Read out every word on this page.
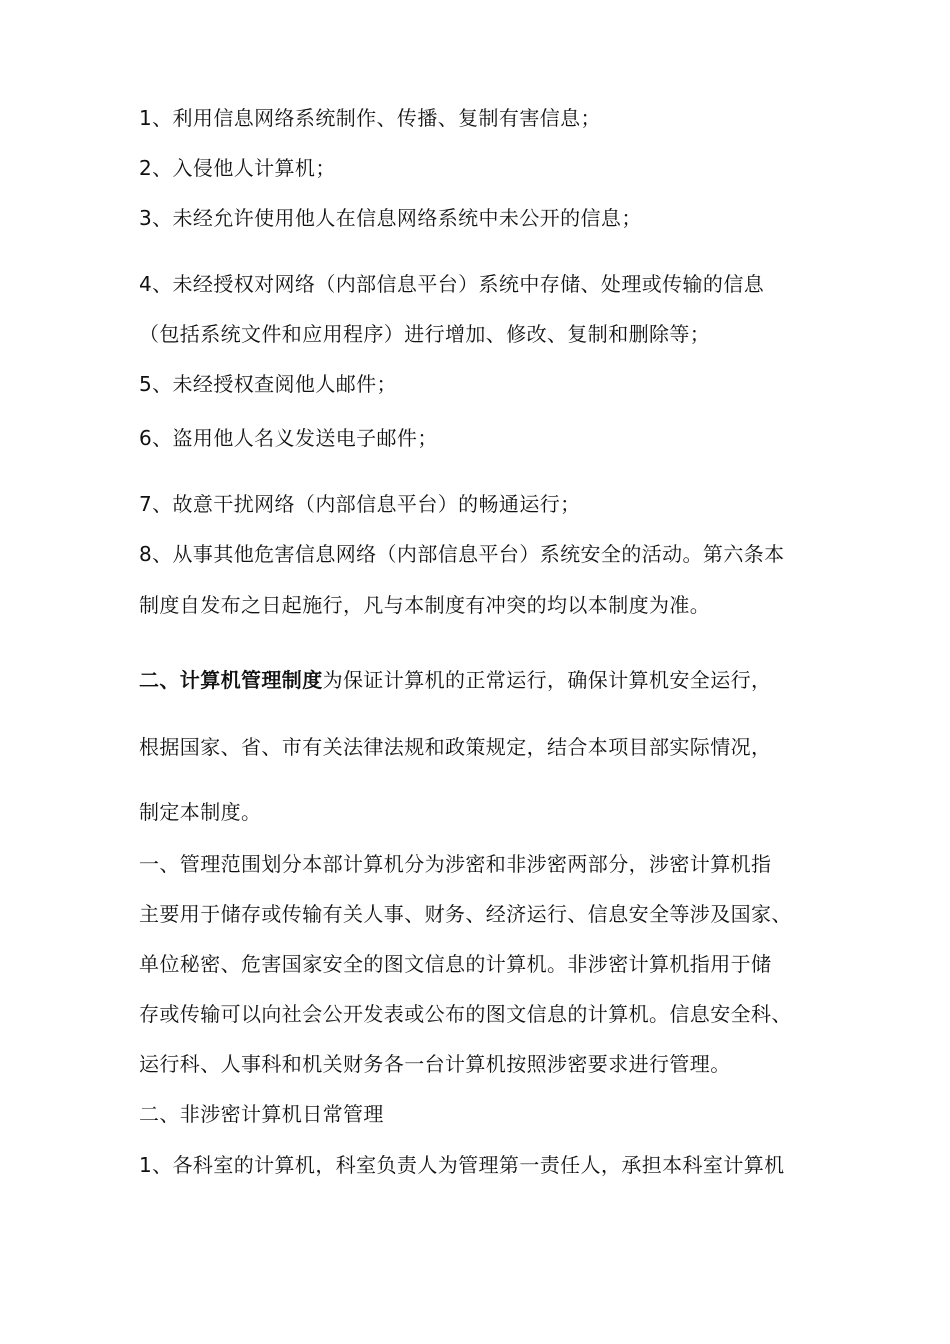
1、利用信息网络系统制作、传播、复制有害信息；
2、入侵他人计算机；
3、未经允许使用他人在信息网络系统中未公开的信息；
4、未经授权对网络（内部信息平台）系统中存储、处理或传输的信息
（包括系统文件和应用程序）进行增加、修改、复制和删除等；
5、未经授权查阅他人邮件；
6、盗用他人名义发送电子邮件；
7、故意干扰网络（内部信息平台）的畅通运行；
8、从事其他危害信息网络（内部信息平台）系统安全的活动。第六条本
制度自发布之日起施行，凡与本制度有冲突的均以本制度为准。
二、计算机管理制度为保证计算机的正常运行，确保计算机安全运行，
根据国家、省、市有关法律法规和政策规定，结合本项目部实际情况，
制定本制度。
一、管理范围划分本部计算机分为涉密和非涉密两部分，涉密计算机指
主要用于储存或传输有关人事、财务、经济运行、信息安全等涉及国家、
单位秘密、危害国家安全的图文信息的计算机。非涉密计算机指用于储
存或传输可以向社会公开发表或公布的图文信息的计算机。信息安全科、
运行科、人事科和机关财务各一台计算机按照涉密要求进行管理。
二、非涉密计算机日常管理
1、各科室的计算机，科室负责人为管理第一责任人，承担本科室计算机
